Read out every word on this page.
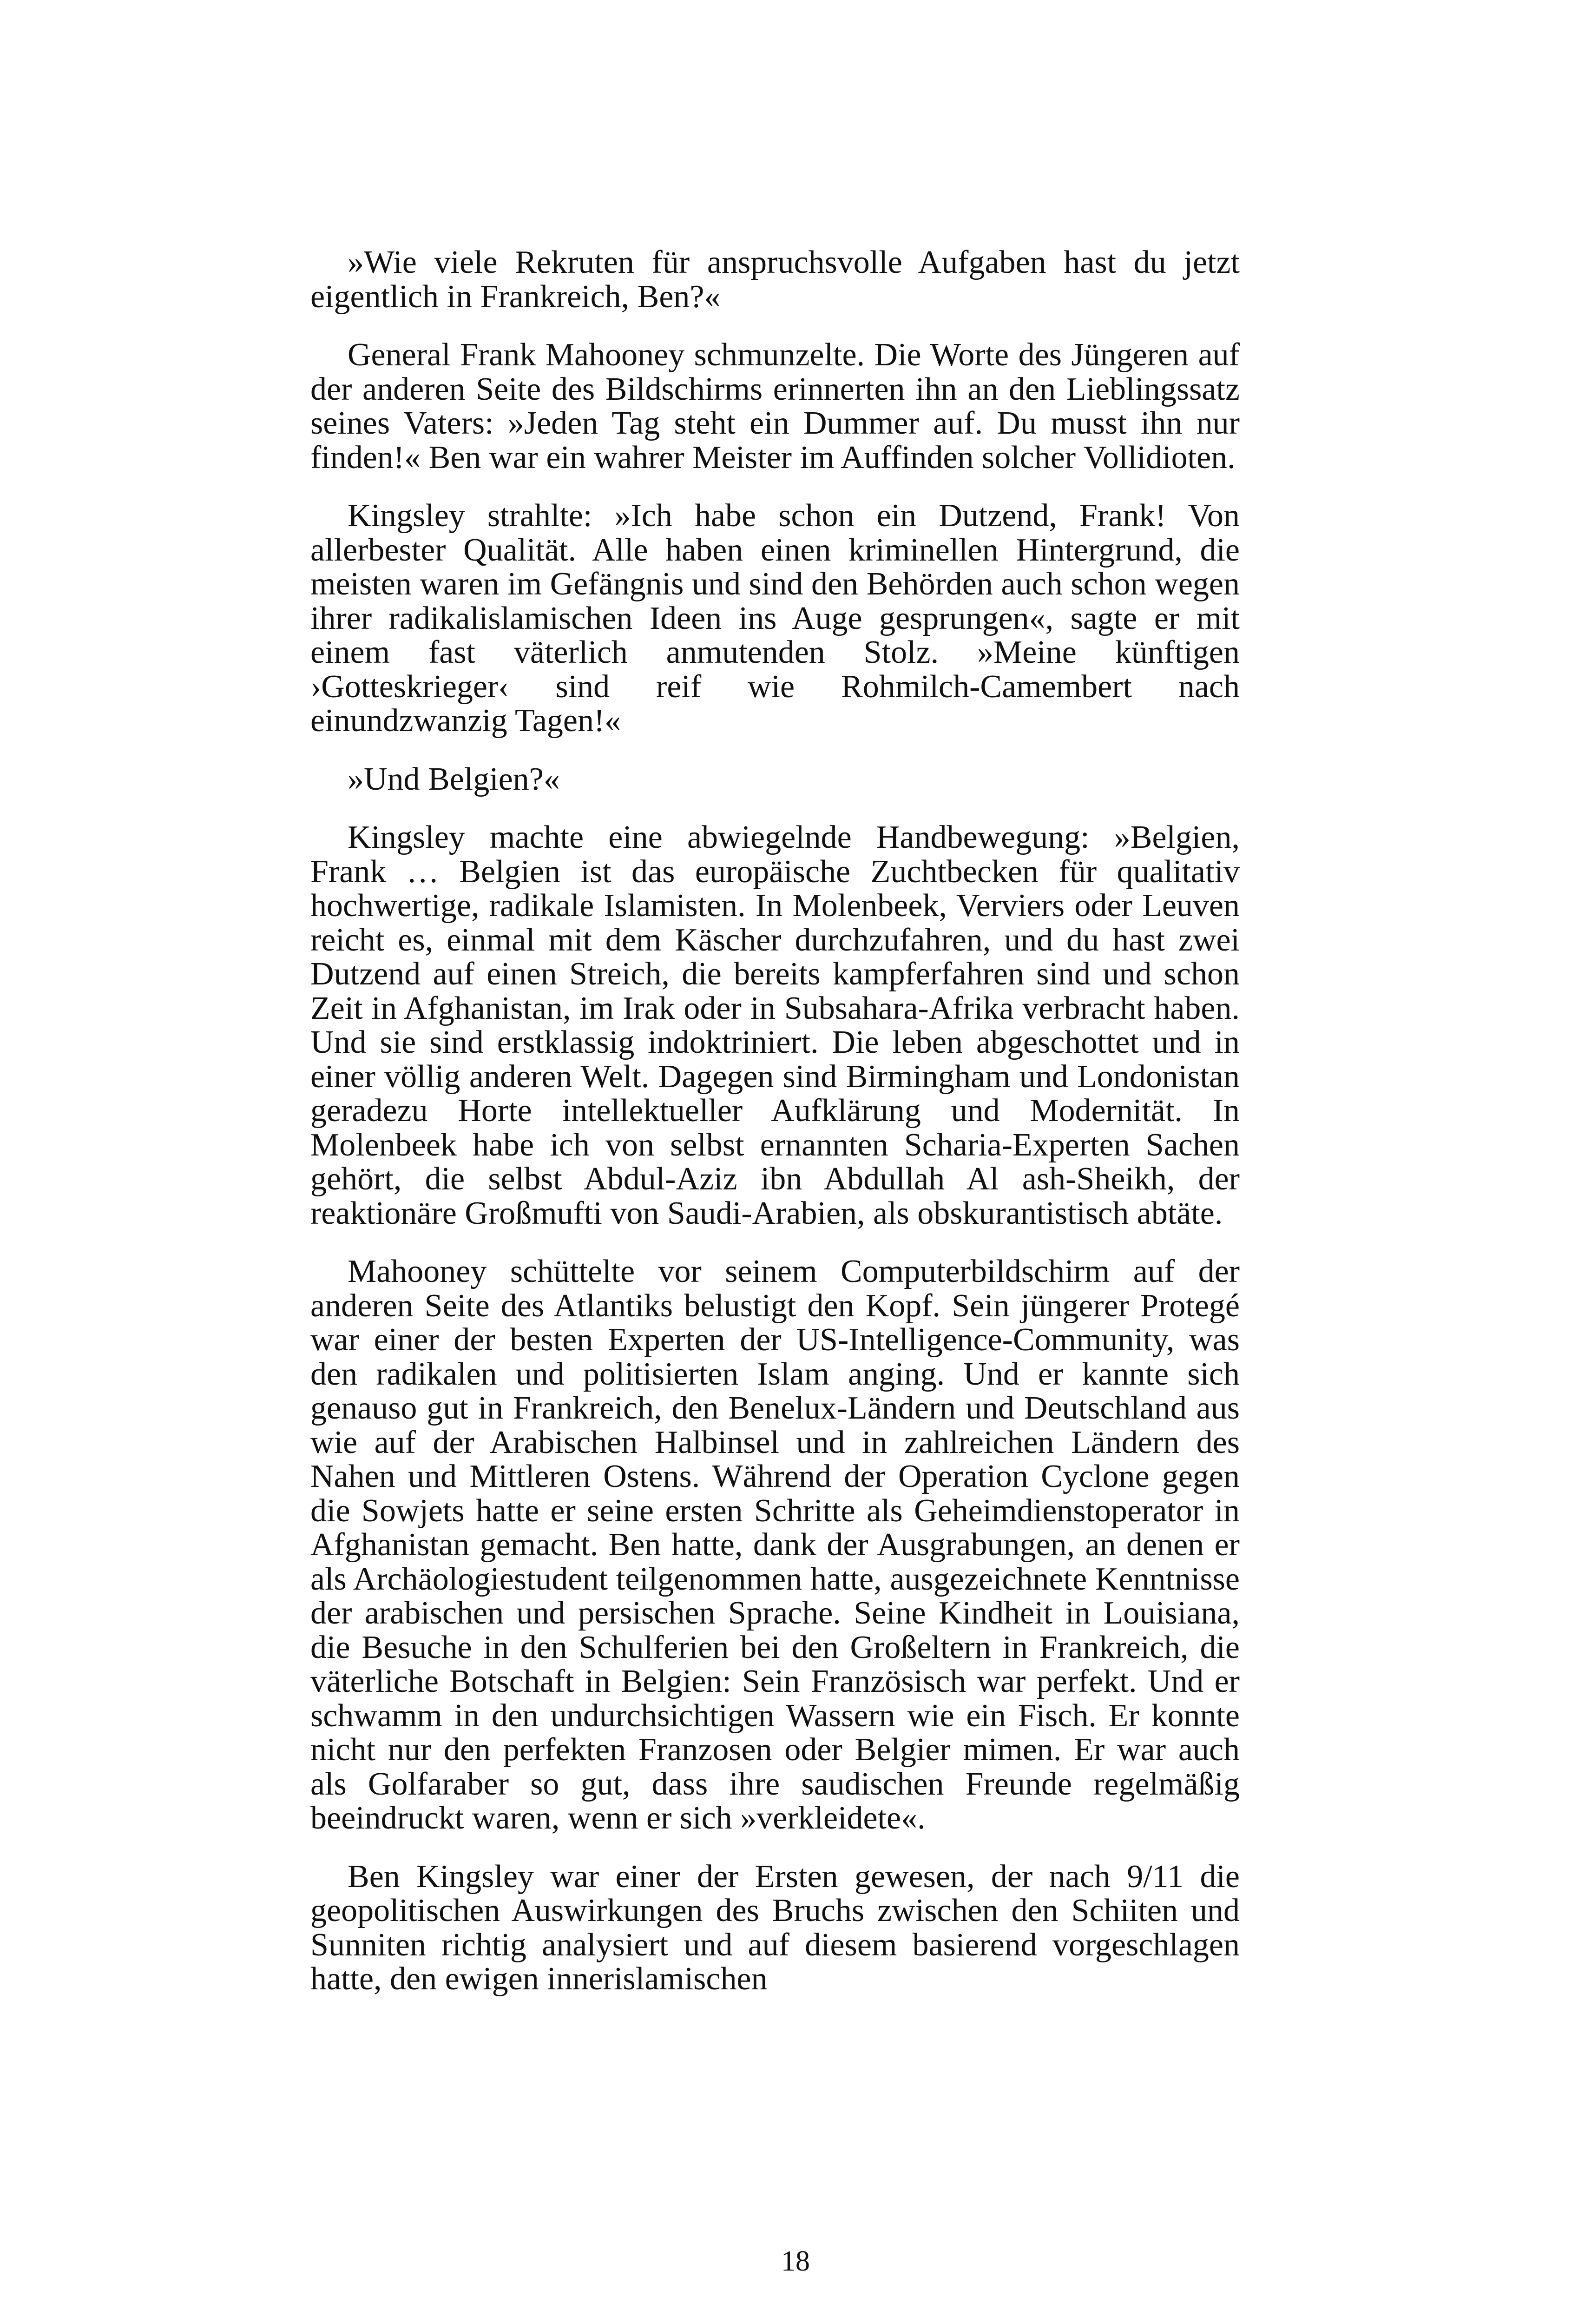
»Wie viele Rekruten für anspruchsvolle Aufgaben hast du jetzt eigentlich in Frankreich, Ben?«

General Frank Mahooney schmunzelte. Die Worte des Jüngeren auf der anderen Seite des Bildschirms erinnerten ihn an den Lieblingssatz seines Vaters: »Jeden Tag steht ein Dummer auf. Du musst ihn nur finden!« Ben war ein wahrer Meister im Auffinden solcher Vollidioten.

Kingsley strahlte: »Ich habe schon ein Dutzend, Frank! Von allerbester Qualität. Alle haben einen kriminellen Hintergrund, die meisten waren im Gefängnis und sind den Behörden auch schon wegen ihrer radikalislamischen Ideen ins Auge gesprungen«, sagte er mit einem fast väterlich anmutenden Stolz. »Meine künftigen ›Gotteskrieger‹ sind reif wie Rohmilch-Camembert nach einundzwanzig Tagen!«

»Und Belgien?«

Kingsley machte eine abwiegelnde Handbewegung: »Belgien, Frank … Belgien ist das europäische Zuchtbecken für qualitativ hochwertige, radikale Islamisten. In Molenbeek, Verviers oder Leuven reicht es, einmal mit dem Käscher durchzufahren, und du hast zwei Dutzend auf einen Streich, die bereits kampferfahren sind und schon Zeit in Afghanistan, im Irak oder in Subsahara-Afrika verbracht haben. Und sie sind erstklassig indoktriniert. Die leben abgeschottet und in einer völlig anderen Welt. Dagegen sind Birmingham und Londonistan geradezu Horte intellektueller Aufklärung und Modernität. In Molenbeek habe ich von selbst ernannten Scharia-Experten Sachen gehört, die selbst Abdul-Aziz ibn Abdullah Al ash-Sheikh, der reaktionäre Großmufti von Saudi-Arabien, als obskurantistisch abtäte.

Mahooney schüttelte vor seinem Computerbildschirm auf der anderen Seite des Atlantiks belustigt den Kopf. Sein jüngerer Protegé war einer der besten Experten der US-Intelligence-Community, was den radikalen und politisierten Islam anging. Und er kannte sich genauso gut in Frankreich, den Benelux-Ländern und Deutschland aus wie auf der Arabischen Halbinsel und in zahlreichen Ländern des Nahen und Mittleren Ostens. Während der Operation Cyclone gegen die Sowjets hatte er seine ersten Schritte als Geheimdienstoperator in Afghanistan gemacht. Ben hatte, dank der Ausgrabungen, an denen er als Archäologiestudent teilgenommen hatte, ausgezeichnete Kenntnisse der arabischen und persischen Sprache. Seine Kindheit in Louisiana, die Besuche in den Schulferien bei den Großeltern in Frankreich, die väterliche Botschaft in Belgien: Sein Französisch war perfekt. Und er schwamm in den undurchsichtigen Wassern wie ein Fisch. Er konnte nicht nur den perfekten Franzosen oder Belgier mimen. Er war auch als Golfaraber so gut, dass ihre saudischen Freunde regelmäßig beeindruckt waren, wenn er sich »verkleidete«.

Ben Kingsley war einer der Ersten gewesen, der nach 9/11 die geopolitischen Auswirkungen des Bruchs zwischen den Schiiten und Sunniten richtig analysiert und auf diesem basierend vorgeschlagen hatte, den ewigen innerislamischen

18
